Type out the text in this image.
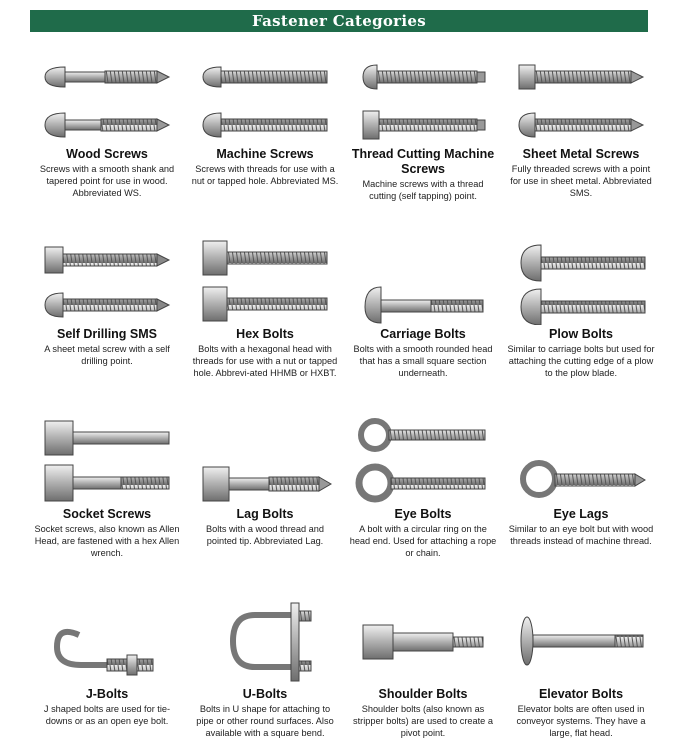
Fastener Categories
Wood Screws
Screws with a smooth shank and tapered point for use in wood. Abbreviated WS.
Machine Screws
Screws with threads for use with a nut or tapped hole. Abbreviated MS.
Thread Cutting Machine Screws
Machine screws with a thread cutting (self tapping) point.
Sheet Metal Screws
Fully threaded screws with a point for use in sheet metal. Abbreviated SMS.
Self Drilling SMS
A sheet metal screw with a self drilling point.
Hex Bolts
Bolts with a hexagonal head with threads for use with a nut or tapped hole. Abbrevi-ated HHMB or HXBT.
Carriage Bolts
Bolts with a smooth rounded head that has a small square section underneath.
Plow Bolts
Similar to carriage bolts but used for attaching the cutting edge of a plow to the plow blade.
Socket Screws
Socket screws, also known as Allen Head, are fastened with a hex Allen wrench.
Lag Bolts
Bolts with a wood thread and pointed tip. Abbreviated Lag.
Eye Bolts
A bolt with a circular ring on the head end. Used for attaching a rope or chain.
Eye Lags
Similar to an eye bolt but with wood threads instead of machine thread.
J-Bolts
J shaped bolts are used for tie-downs or as an open eye bolt.
U-Bolts
Bolts in U shape for attaching to pipe or other round surfaces. Also available with a square bend.
Shoulder Bolts
Shoulder bolts (also known as stripper bolts) are used to create a pivot point.
Elevator Bolts
Elevator bolts are often used in conveyor systems. They have a large, flat head.
